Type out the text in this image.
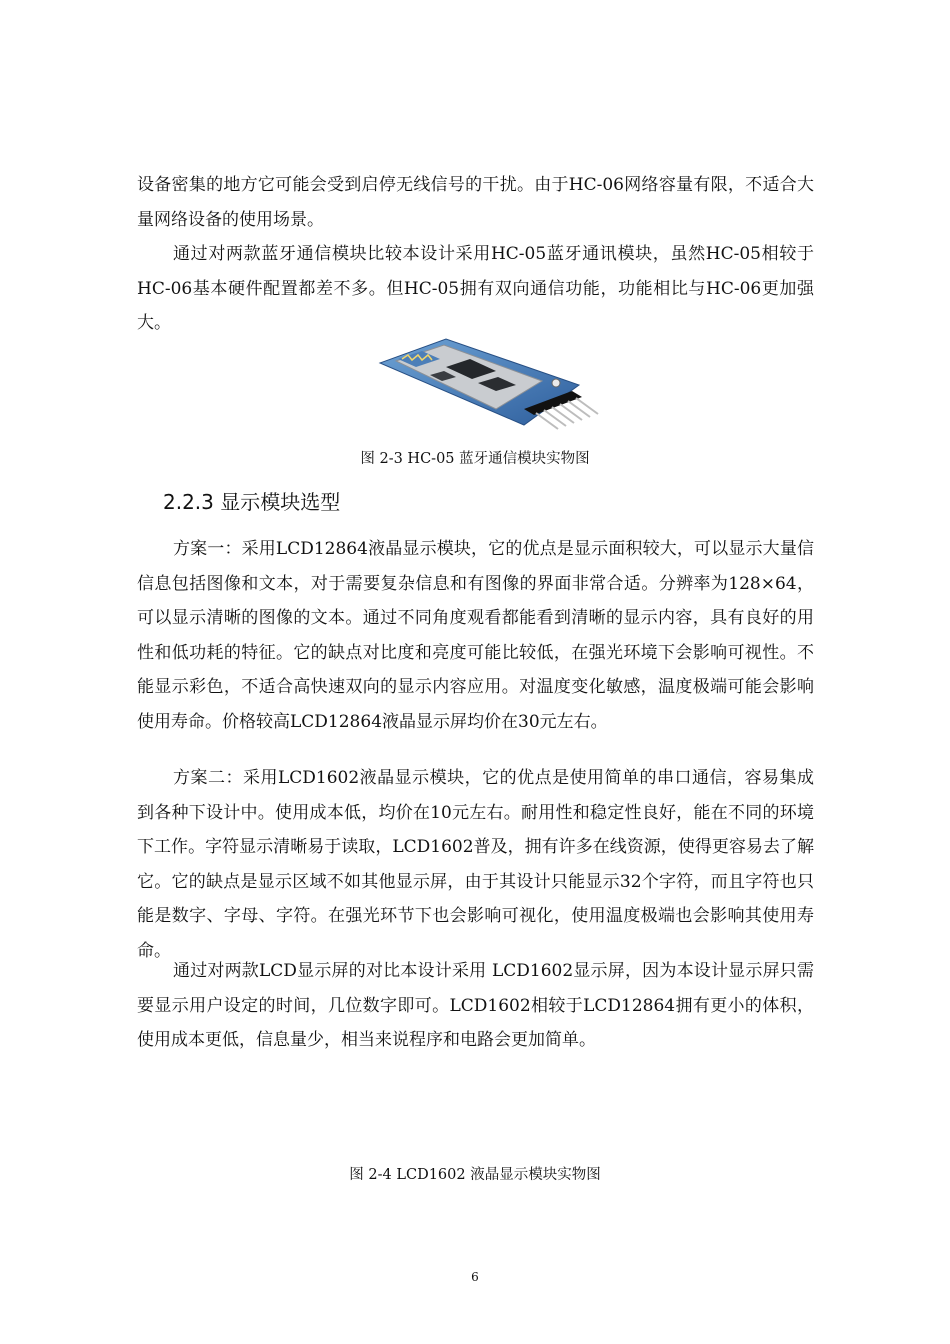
设备密集的地方它可能会受到启停无线信号的干扰。由于HC-06网络容量有限，不适合大量网络设备的使用场景。

通过对两款蓝牙通信模块比较本设计采用HC-05蓝牙通讯模块，虽然HC-05相较于HC-06基本硬件配置都差不多。但HC-05拥有双向通信功能，功能相比与HC-06更加强大。

图 2-3 HC-05 蓝牙通信模块实物图

2.2.3 显示模块选型

方案一：采用LCD12864液晶显示模块，它的优点是显示面积较大，可以显示大量信信息包括图像和文本，对于需要复杂信息和有图像的界面非常合适。分辨率为128×64，可以显示清晰的图像的文本。通过不同角度观看都能看到清晰的显示内容，具有良好的用性和低功耗的特征。它的缺点对比度和亮度可能比较低，在强光环境下会影响可视性。不能显示彩色，不适合高快速双向的显示内容应用。对温度变化敏感，温度极端可能会影响使用寿命。价格较高LCD12864液晶显示屏均价在30元左右。

方案二：采用LCD1602液晶显示模块，它的优点是使用简单的串口通信，容易集成到各种下设计中。使用成本低，均价在10元左右。耐用性和稳定性良好，能在不同的环境下工作。字符显示清晰易于读取，LCD1602普及，拥有许多在线资源，使得更容易去了解它。它的缺点是显示区域不如其他显示屏，由于其设计只能显示32个字符，而且字符也只能是数字、字母、字符。在强光环节下也会影响可视化，使用温度极端也会影响其使用寿命。

通过对两款LCD显示屏的对比本设计采用 LCD1602显示屏，因为本设计显示屏只需要显示用户设定的时间，几位数字即可。LCD1602相较于LCD12864拥有更小的体积，使用成本更低，信息量少，相当来说程序和电路会更加简单。

图 2-4 LCD1602 液晶显示模块实物图

6
